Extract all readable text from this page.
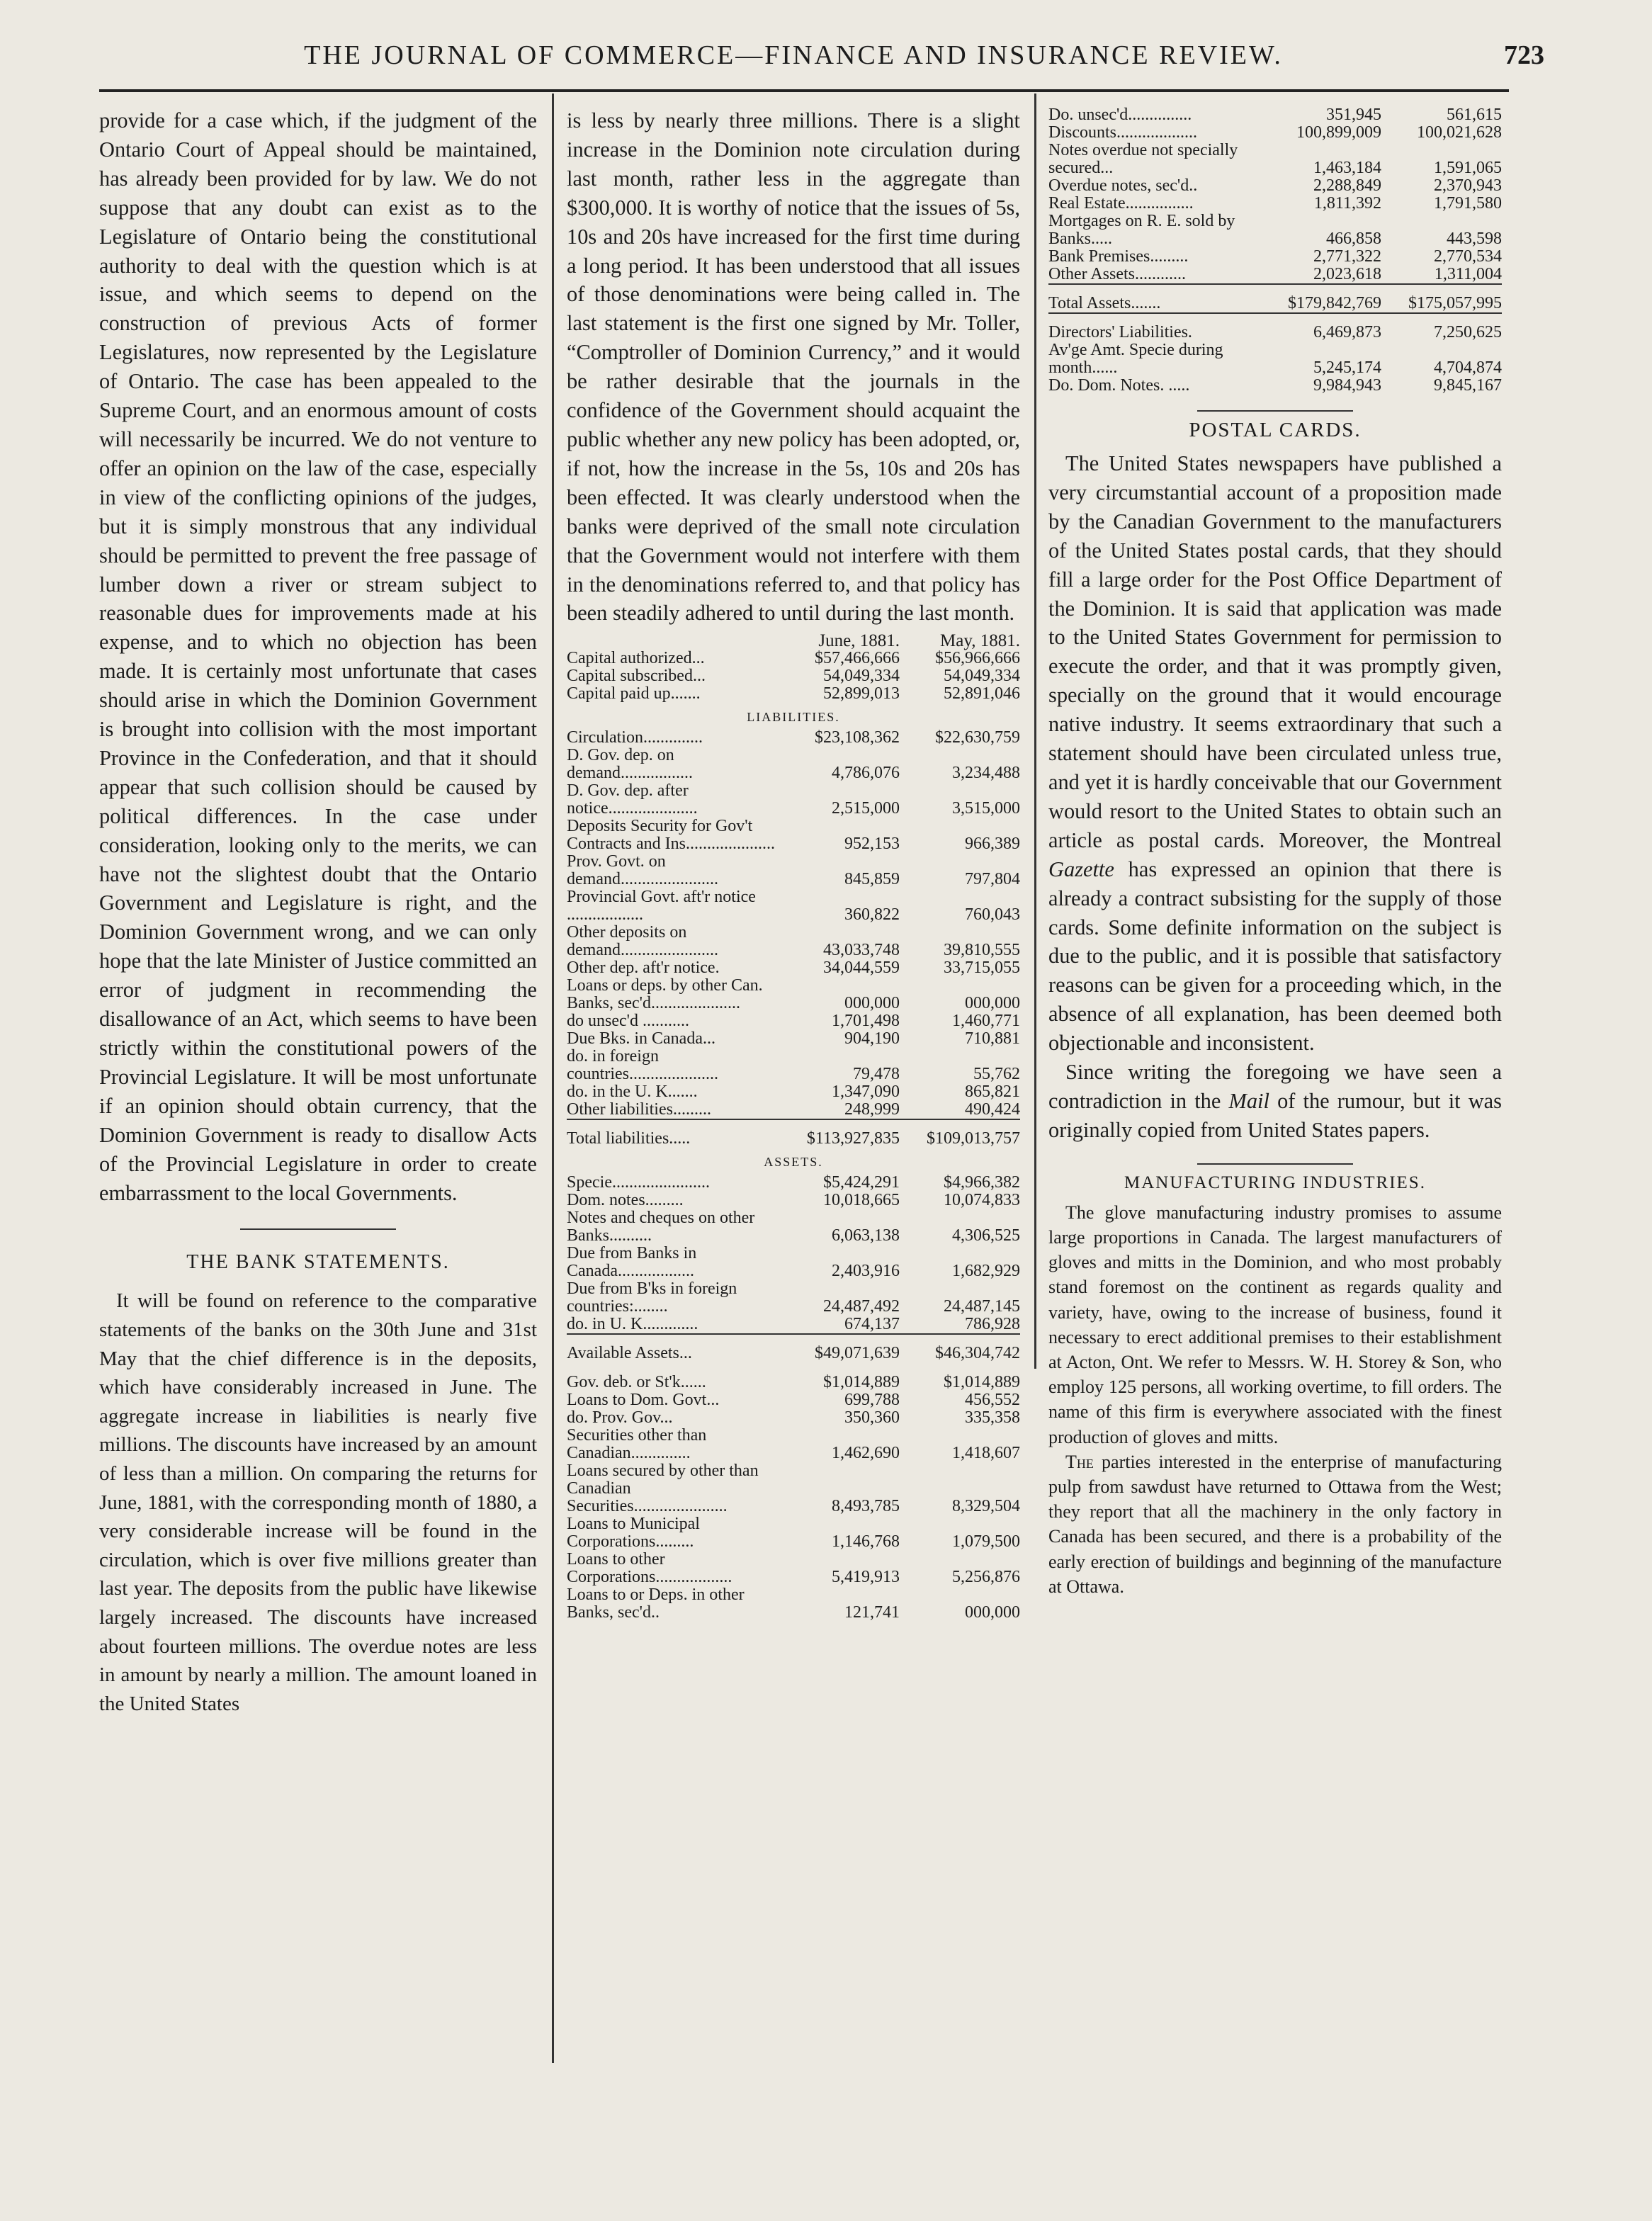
THE JOURNAL OF COMMERCE—FINANCE AND INSURANCE REVIEW.	723

provide for a case which, if the judgment of the Ontario Court of Appeal should be maintained, has already been provided for by law. We do not suppose that any doubt can exist as to the Legislature of Ontario being the constitutional authority to deal with the question which is at issue, and which seems to depend on the construction of previous Acts of former Legislatures, now represented by the Legislature of Ontario. The case has been appealed to the Supreme Court, and an enormous amount of costs will necessarily be incurred. We do not venture to offer an opinion on the law of the case, especially in view of the conflicting opinions of the judges, but it is simply monstrous that any individual should be permitted to prevent the free passage of lumber down a river or stream subject to reasonable dues for improvements made at his expense, and to which no objection has been made. It is certainly most unfortunate that cases should arise in which the Dominion Government is brought into collision with the most important Province in the Confederation, and that it should appear that such collision should be caused by political differences. In the case under consideration, looking only to the merits, we can have not the slightest doubt that the Ontario Government and Legislature is right, and the Dominion Government wrong, and we can only hope that the late Minister of Justice committed an error of judgment in recommending the disallowance of an Act, which seems to have been strictly within the constitutional powers of the Provincial Legislature. It will be most unfortunate if an opinion should obtain currency, that the Dominion Government is ready to disallow Acts of the Provincial Legislature in order to create embarrassment to the local Governments.

THE BANK STATEMENTS.

It will be found on reference to the comparative statements of the banks on the 30th June and 31st May that the chief difference is in the deposits, which have considerably increased in June. The aggregate increase in liabilities is nearly five millions. The discounts have increased by an amount of less than a million. On comparing the returns for June, 1881, with the corresponding month of 1880, a very considerable increase will be found in the circulation, which is over five millions greater than last year. The deposits from the public have likewise largely increased. The discounts have increased about fourteen millions. The overdue notes are less in amount by nearly a million. The amount loaned in the United States

is less by nearly three millions. There is a slight increase in the Dominion note circulation during last month, rather less in the aggregate than $300,000. It is worthy of notice that the issues of 5s, 10s and 20s have increased for the first time during a long period. It has been understood that all issues of those denominations were being called in. The last statement is the first one signed by Mr. Toller, “Comptroller of Dominion Currency,” and it would be rather desirable that the journals in the confidence of the Government should acquaint the public whether any new policy has been adopted, or, if not, how the increase in the 5s, 10s and 20s has been effected. It was clearly understood when the banks were deprived of the small note circulation that the Government would not interfere with them in the denominations referred to, and that policy has been steadily adhered to until during the last month.

	June, 1881.	May, 1881.
Capital authorized...	$57,466,666	$56,966,666
Capital subscribed...	54,049,334	54,049,334
Capital paid up.......	52,899,013	52,891,046
LIABILITIES.		
Circulation..............	$23,108,362	$22,630,759
D. Gov. dep. on demand.................	4,786,076	3,234,488
D. Gov. dep. after notice.....................	2,515,000	3,515,000
Deposits Security for Gov't Contracts and Ins.....................	952,153	966,389
Prov. Govt. on demand.......................	845,859	797,804
Provincial Govt. aft'r notice ..................	360,822	760,043
Other deposits on demand.......................	43,033,748	39,810,555
Other dep. aft'r notice.	34,044,559	33,715,055
Loans or deps. by other Can. Banks, sec'd.....................	000,000	000,000
do unsec'd ...........	1,701,498	1,460,771
Due Bks. in Canada...	904,190	710,881
do. in foreign countries.....................	79,478	55,762
do. in the U. K.......	1,347,090	865,821
Other liabilities.........	248,999	490,424
Total liabilities.....	$113,927,835	$109,013,757
ASSETS.		
Specie.......................	$5,424,291	$4,966,382
Dom. notes.........	10,018,665	10,074,833
Notes and cheques on other Banks..........	6,063,138	4,306,525
Due from Banks in Canada..................	2,403,916	1,682,929
Due from B'ks in foreign countries:........	24,487,492	24,487,145
do. in U. K.............	674,137	786,928
Available Assets...	$49,071,639	$46,304,742
Gov. deb. or St'k......	$1,014,889	$1,014,889
Loans to Dom. Govt...	699,788	456,552
do. Prov. Gov...	350,360	335,358
Securities other than Canadian..............	1,462,690	1,418,607
Loans secured by other than Canadian Securities......................	8,493,785	8,329,504
Loans to Municipal Corporations.........	1,146,768	1,079,500
Loans to other Corporations..................	5,419,913	5,256,876
Loans to or Deps. in other Banks, sec'd..	121,741	000,000
Do. unsec'd...............	351,945	561,615
Discounts...................	100,899,009	100,021,628
Notes overdue not specially secured...	1,463,184	1,591,065
Overdue notes, sec'd..	2,288,849	2,370,943
Real Estate................	1,811,392	1,791,580
Mortgages on R. E. sold by Banks.....	466,858	443,598
Bank Premises.........	2,771,322	2,770,534
Other Assets............	2,023,618	1,311,004
Total Assets.......	$179,842,769	$175,057,995
Directors' Liabilities.	6,469,873	7,250,625
Av'ge Amt. Specie during month......	5,245,174	4,704,874
Do. Dom. Notes. .....	9,984,943	9,845,167

POSTAL CARDS.

The United States newspapers have published a very circumstantial account of a proposition made by the Canadian Government to the manufacturers of the United States postal cards, that they should fill a large order for the Post Office Department of the Dominion. It is said that application was made to the United States Government for permission to execute the order, and that it was promptly given, specially on the ground that it would encourage native industry. It seems extraordinary that such a statement should have been circulated unless true, and yet it is hardly conceivable that our Government would resort to the United States to obtain such an article as postal cards. Moreover, the Montreal Gazette has expressed an opinion that there is already a contract subsisting for the supply of those cards. Some definite information on the subject is due to the public, and it is possible that satisfactory reasons can be given for a proceeding which, in the absence of all explanation, has been deemed both objectionable and inconsistent.

Since writing the foregoing we have seen a contradiction in the Mail of the rumour, but it was originally copied from United States papers.

MANUFACTURING INDUSTRIES.

The glove manufacturing industry promises to assume large proportions in Canada. The largest manufacturers of gloves and mitts in the Dominion, and who most probably stand foremost on the continent as regards quality and variety, have, owing to the increase of business, found it necessary to erect additional premises to their establishment at Acton, Ont. We refer to Messrs. W. H. Storey & Son, who employ 125 persons, all working overtime, to fill orders. The name of this firm is everywhere associated with the finest production of gloves and mitts.

The parties interested in the enterprise of manufacturing pulp from sawdust have returned to Ottawa from the West; they report that all the machinery in the only factory in Canada has been secured, and there is a probability of the early erection of buildings and beginning of the manufacture at Ottawa.
